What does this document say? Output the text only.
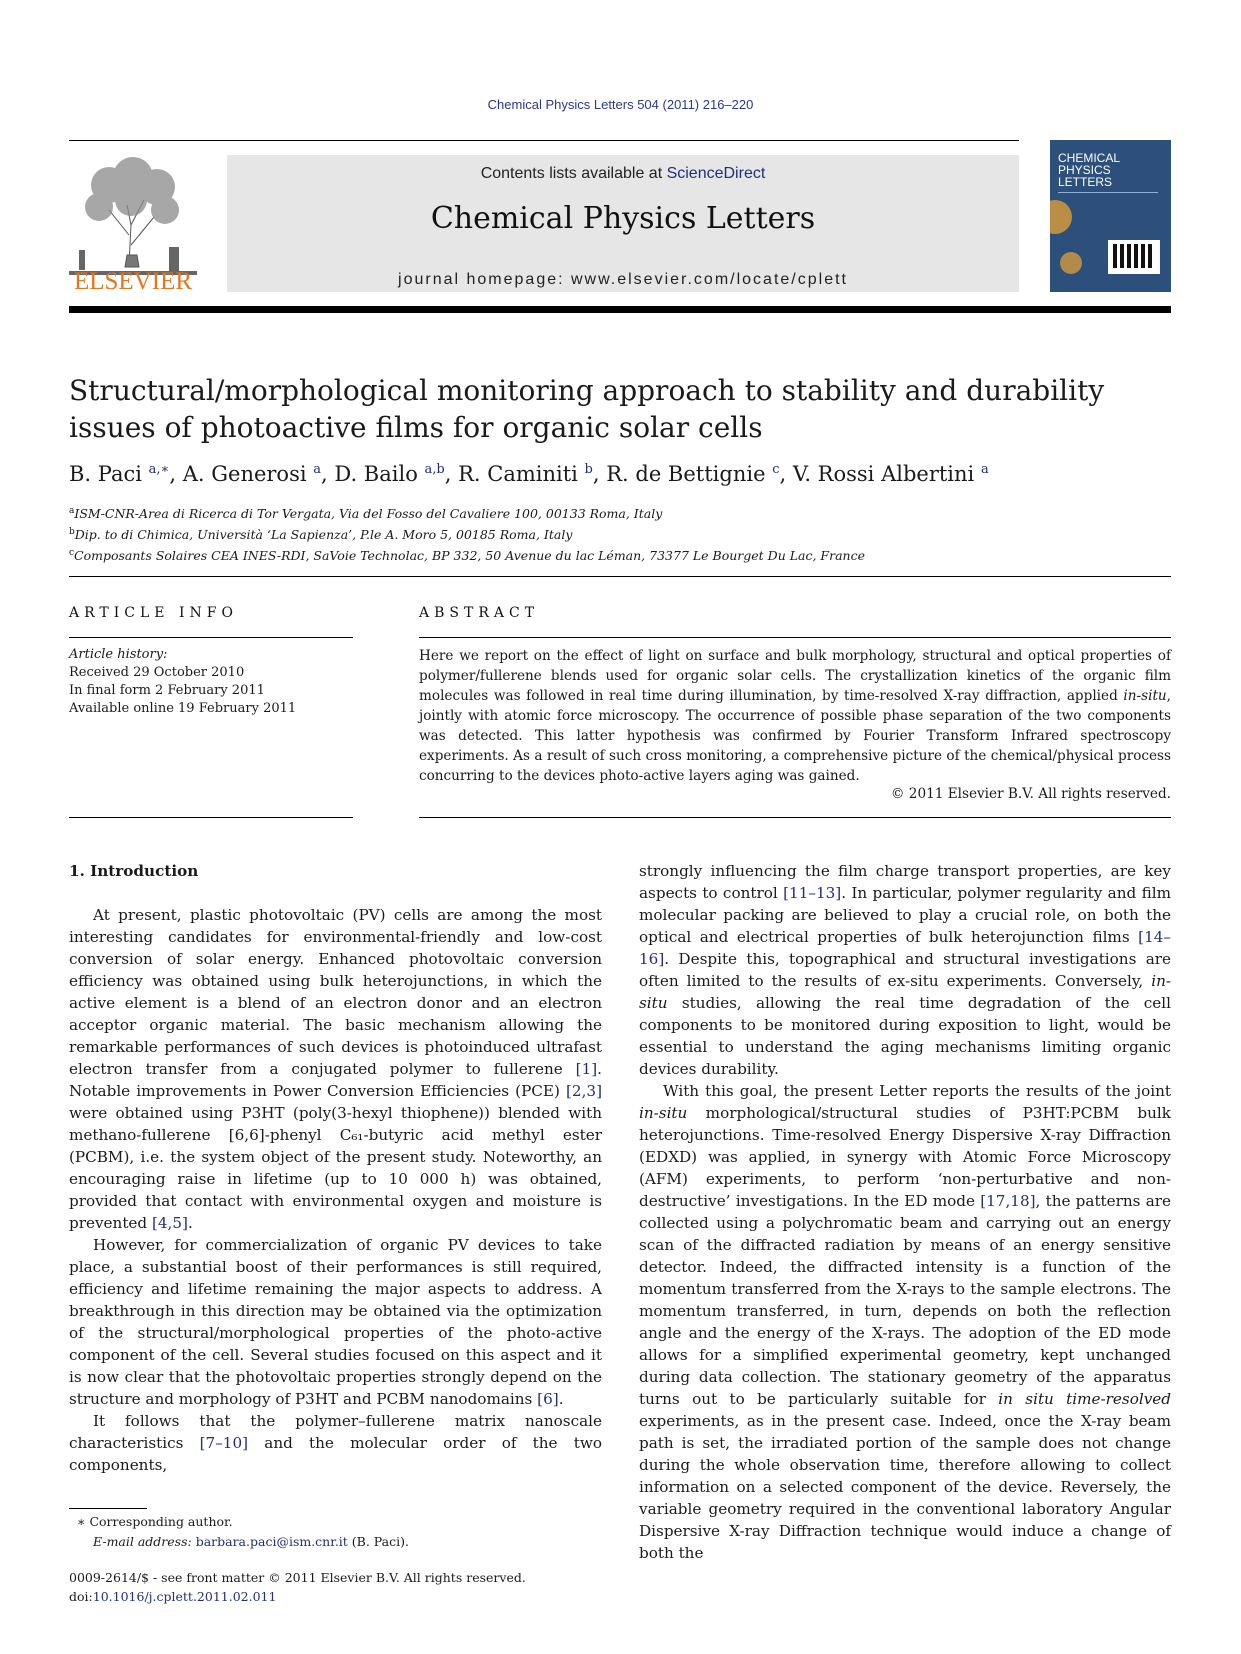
Chemical Physics Letters 504 (2011) 216–220
ELSEVIER
Contents lists available at ScienceDirect
Chemical Physics Letters
journal homepage: www.elsevier.com/locate/cplett
CHEMICAL PHYSICS LETTERS
Structural/morphological monitoring approach to stability and durability issues of photoactive films for organic solar cells
B. Paci $^{a,∗}$, A. Generosi $^a$, D. Bailo $^{a,b}$, R. Caminiti $^b$, R. de Bettignie $^c$, V. Rossi Albertini $^a$
$^a$ISM-CNR-Area di Ricerca di Tor Vergata, Via del Fosso del Cavaliere 100, 00133 Roma, Italy
$^b$Dip. to di Chimica, Università ‘La Sapienza’, P.le A. Moro 5, 00185 Roma, Italy
$^c$Composants Solaires CEA INES-RDI, SaVoie Technolac, BP 332, 50 Avenue du lac Léman, 73377 Le Bourget Du Lac, France
ARTICLE INFO
Article history:
Received 29 October 2010
In final form 2 February 2011
Available online 19 February 2011
ABSTRACT
Here we report on the effect of light on surface and bulk morphology, structural and optical properties of polymer/fullerene blends used for organic solar cells. The crystallization kinetics of the organic film molecules was followed in real time during illumination, by time-resolved X-ray diffraction, applied in-situ, jointly with atomic force microscopy. The occurrence of possible phase separation of the two components was detected. This latter hypothesis was confirmed by Fourier Transform Infrared spectroscopy experiments. As a result of such cross monitoring, a comprehensive picture of the chemical/physical process concurring to the devices photo-active layers aging was gained.
© 2011 Elsevier B.V. All rights reserved.
1. Introduction

At present, plastic photovoltaic (PV) cells are among the most interesting candidates for environmental-friendly and low-cost conversion of solar energy. Enhanced photovoltaic conversion efficiency was obtained using bulk heterojunctions, in which the active element is a blend of an electron donor and an electron acceptor organic material. The basic mechanism allowing the remarkable performances of such devices is photoinduced ultrafast electron transfer from a conjugated polymer to fullerene [1]. Notable improvements in Power Conversion Efficiencies (PCE) [2,3] were obtained using P3HT (poly(3-hexyl thiophene)) blended with methano-fullerene [6,6]-phenyl C₆₁-butyric acid methyl ester (PCBM), i.e. the system object of the present study. Noteworthy, an encouraging raise in lifetime (up to 10 000 h) was obtained, provided that contact with environmental oxygen and moisture is prevented [4,5].

However, for commercialization of organic PV devices to take place, a substantial boost of their performances is still required, efficiency and lifetime remaining the major aspects to address. A breakthrough in this direction may be obtained via the optimization of the structural/morphological properties of the photo-active component of the cell. Several studies focused on this aspect and it is now clear that the photovoltaic properties strongly depend on the structure and morphology of P3HT and PCBM nanodomains [6].

It follows that the polymer–fullerene matrix nanoscale characteristics [7–10] and the molecular order of the two components,

strongly influencing the film charge transport properties, are key aspects to control [11–13]. In particular, polymer regularity and film molecular packing are believed to play a crucial role, on both the optical and electrical properties of bulk heterojunction films [14–16]. Despite this, topographical and structural investigations are often limited to the results of ex-situ experiments. Conversely, in-situ studies, allowing the real time degradation of the cell components to be monitored during exposition to light, would be essential to understand the aging mechanisms limiting organic devices durability.

With this goal, the present Letter reports the results of the joint in-situ morphological/structural studies of P3HT:PCBM bulk heterojunctions. Time-resolved Energy Dispersive X-ray Diffraction (EDXD) was applied, in synergy with Atomic Force Microscopy (AFM) experiments, to perform ‘non-perturbative and non-destructive’ investigations. In the ED mode [17,18], the patterns are collected using a polychromatic beam and carrying out an energy scan of the diffracted radiation by means of an energy sensitive detector. Indeed, the diffracted intensity is a function of the momentum transferred from the X-rays to the sample electrons. The momentum transferred, in turn, depends on both the reflection angle and the energy of the X-rays. The adoption of the ED mode allows for a simplified experimental geometry, kept unchanged during data collection. The stationary geometry of the apparatus turns out to be particularly suitable for in situ time-resolved experiments, as in the present case. Indeed, once the X-ray beam path is set, the irradiated portion of the sample does not change during the whole observation time, therefore allowing to collect information on a selected component of the device. Reversely, the variable geometry required in the conventional laboratory Angular Dispersive X-ray Diffraction technique would induce a change of both the

∗ Corresponding author.
E-mail address: barbara.paci@ism.cnr.it (B. Paci).
0009-2614/$ - see front matter © 2011 Elsevier B.V. All rights reserved.
doi:10.1016/j.cplett.2011.02.011
